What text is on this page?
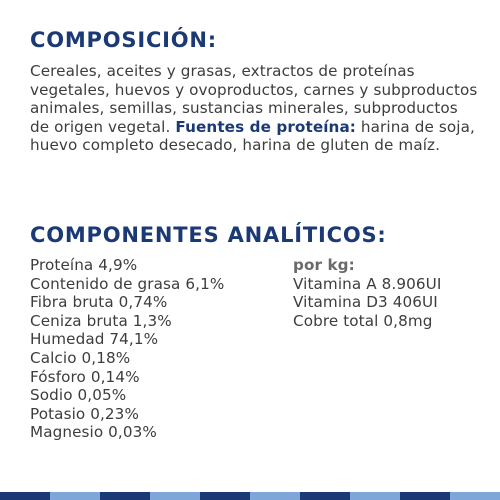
COMPOSICIÓN:

Cereales, aceites y grasas, extractos de proteínas vegetales, huevos y ovoproductos, carnes y subproductos animales, semillas, sustancias minerales, subproductos de origen vegetal. Fuentes de proteína: harina de soja, huevo completo desecado, harina de gluten de maíz.

COMPONENTES ANALÍTICOS:
Proteína 4,9%
Contenido de grasa 6,1%
Fibra bruta 0,74%
Ceniza bruta 1,3%
Humedad 74,1%
Calcio 0,18%
Fósforo 0,14%
Sodio 0,05%
Potasio 0,23%
Magnesio 0,03%
por kg:
Vitamina A 8.906UI
Vitamina D3 406UI
Cobre total 0,8mg
